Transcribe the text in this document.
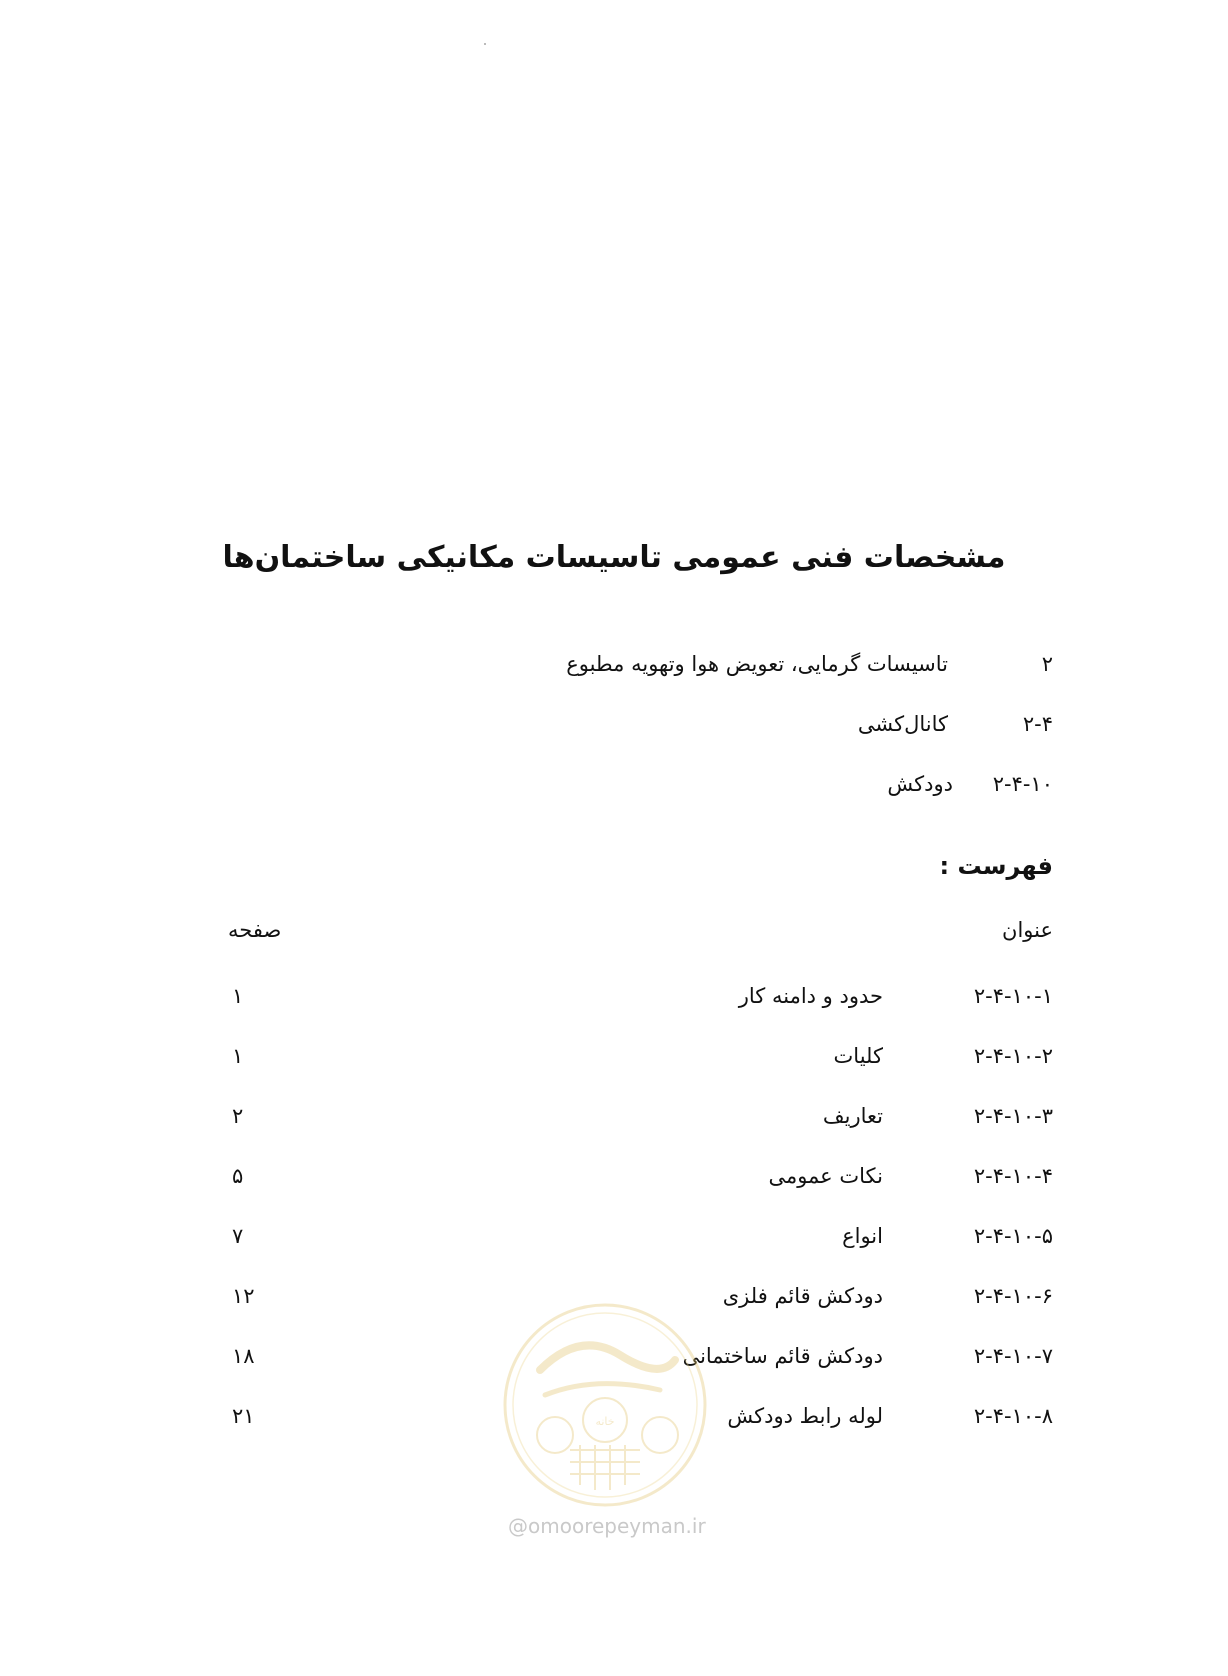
مشخصات فنی عمومی تاسیسات مکانیکی ساختمان‌ها
۲
تاسیسات گرمایی، تعویض هوا وتهویه مطبوع
۲-۴
کانال‌کشی
۲-۴-۱۰
دودکش
فهرست :
عنوان
صفحه
۲-۴-۱۰-۱
حدود و دامنه کار
۱
۲-۴-۱۰-۲
کلیات
۱
۲-۴-۱۰-۳
تعاریف
۲
۲-۴-۱۰-۴
نکات عمومی
۵
۲-۴-۱۰-۵
انواع
۷
۲-۴-۱۰-۶
دودکش قائم فلزی
۱۲
۲-۴-۱۰-۷
دودکش قائم ساختمانی
۱۸
۲-۴-۱۰-۸
لوله رابط دودکش
۲۱	خانه
@omoorepeyman.ir
